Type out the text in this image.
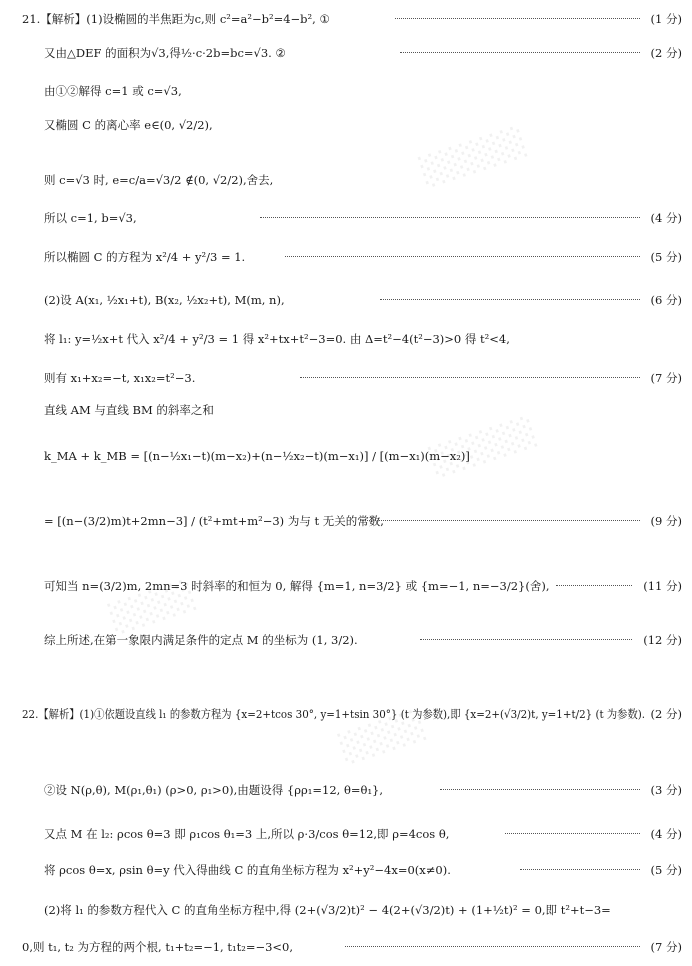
░░░░░
░░░░░
░░░░
░░░░
21.【解析】(1)设椭圆的半焦距为c,则 c²=a²−b²=4−b², ①	(1 分)
又由△DEF 的面积为√3,得½·c·2b=bc=√3. ②	(2 分)
由①②解得 c=1 或 c=√3,
又椭圆 C 的离心率 e∈(0, √2/2),
则 c=√3 时, e=c/a=√3/2 ∉(0, √2/2),舍去,
所以 c=1, b=√3,	(4 分)
所以椭圆 C 的方程为 x²/4 + y²/3 = 1.	(5 分)
(2)设 A(x₁, ½x₁+t), B(x₂, ½x₂+t), M(m, n),	(6 分)
将 l₁: y=½x+t 代入 x²/4 + y²/3 = 1 得 x²+tx+t²−3=0. 由 Δ=t²−4(t²−3)>0 得 t²<4,
则有 x₁+x₂=−t, x₁x₂=t²−3.	(7 分)
直线 AM 与直线 BM 的斜率之和
k_MA + k_MB = [(n−½x₁−t)(m−x₂)+(n−½x₂−t)(m−x₁)] / [(m−x₁)(m−x₂)]
= [(n−(3/2)m)t+2mn−3] / (t²+mt+m²−3) 为与 t 无关的常数,	(9 分)
可知当 n=(3/2)m, 2mn=3 时斜率的和恒为 0, 解得 {m=1, n=3/2} 或 {m=−1, n=−3/2}(舍),	(11 分)
综上所述,在第一象限内满足条件的定点 M 的坐标为 (1, 3/2).	(12 分)
22.【解析】(1)①依题设直线 l₁ 的参数方程为 {x=2+tcos 30°, y=1+tsin 30°} (t 为参数),即 {x=2+(√3/2)t, y=1+t/2} (t 为参数). (2 分)
②设 N(ρ,θ), M(ρ₁,θ₁) (ρ>0, ρ₁>0),由题设得 {ρρ₁=12, θ=θ₁},	(3 分)
又点 M 在 l₂: ρcos θ=3 即 ρ₁cos θ₁=3 上,所以 ρ·3/cos θ=12,即 ρ=4cos θ,	(4 分)
将 ρcos θ=x, ρsin θ=y 代入得曲线 C 的直角坐标方程为 x²+y²−4x=0(x≠0).	(5 分)
(2)将 l₁ 的参数方程代入 C 的直角坐标方程中,得 (2+(√3/2)t)² − 4(2+(√3/2)t) + (1+½t)² = 0,即 t²+t−3=
0,则 t₁, t₂ 为方程的两个根, t₁+t₂=−1, t₁t₂=−3<0,	(7 分)
